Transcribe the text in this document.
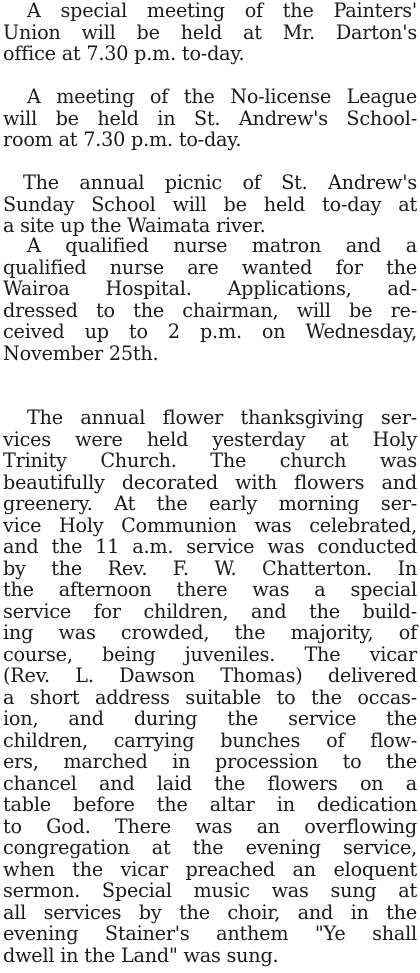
A special meeting of the Painters'
Union will be held at Mr. Darton's
office at 7.30 p.m. to-day.
A meeting of the No-license League
will be held in St. Andrew's School-
room at 7.30 p.m. to-day.
The annual picnic of St. Andrew's
Sunday School will be held to-day at
a site up the Waimata river.
A qualified nurse matron and a
qualified nurse are wanted for the
Wairoa Hospital. Applications, ad-
dressed to the chairman, will be re-
ceived up to 2 p.m. on Wednesday,
November 25th.
The annual flower thanksgiving ser-
vices were held yesterday at Holy
Trinity Church. The church was
beautifully decorated with flowers and
greenery. At the early morning ser-
vice Holy Communion was celebrated,
and the 11 a.m. service was conducted
by the Rev. F. W. Chatterton. In
the afternoon there was a special
service for children, and the build-
ing was crowded, the majority, of
course, being juveniles. The vicar
(Rev. L. Dawson Thomas) delivered
a short address suitable to the occas-
ion, and during the service the
children, carrying bunches of flow-
ers, marched in procession to the
chancel and laid the flowers on a
table before the altar in dedication
to God. There was an overflowing
congregation at the evening service,
when the vicar preached an eloquent
sermon. Special music was sung at
all services by the choir, and in the
evening Stainer's anthem "Ye shall
dwell in the Land" was sung.
